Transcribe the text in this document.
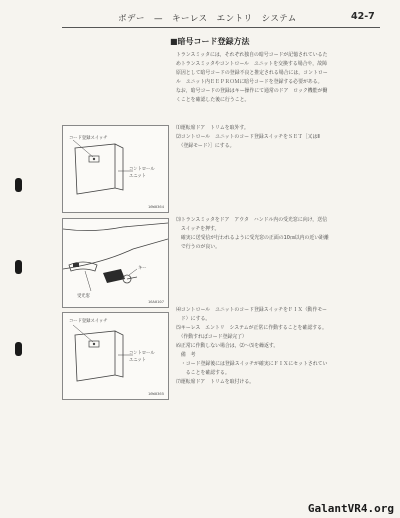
ボデー　—　キーレス　エントリ　システム	42-7
■暗号コード登録方法

トランスミッタには，それぞれ独自の暗号コードが記憶されているた

めトランスミッタやコントロール　ユニットを交換する場合や，故障

原因として暗号コードの登録不良と推定される場合には，コントロー

ル　ユニット内ＥＥＰＲＯＭに暗号コードを登録する必要がある。

なお，暗号コードの登録はキー操作にて通常のドア　ロック機能が働

くことを確認した後に行うこと。

コード登録スイッチ
コントロール
ユニット
16W0364
キー
受光窓
16A0107
コード登録スイッチ
コントロール
ユニット
16W0365

⑴運転席ドア　トリムを取外す。

⑵コントロール　ユニットのコード登録スイッチをＳＥＴ［又はⅡ

　（登録モード）］にする。

⑶トランスミッタをドア　アウタ　ハンドル内の受光窓に向け，送信

　スイッチを押す。

　確実に送受信が行われるように受光窓の正面の10㎝以内の近い距離

　で行うのが良い。

⑷コントロール　ユニットのコード登録スイッチをＦＩＸ（動作モー

　ド）にする。

⑸キーレス　エントリ　システムが正常に作動することを確認する。

　（作動すればコード登録完了）

⑹正常に作動しない場合は，⑵～⑸を繰返す。

　備　考

　・コード登録後には登録スイッチが確実にＦＩＸにセットされてい

　　ることを確認する。

⑺運転席ドア　トリムを取付ける。

GalantVR4.org
